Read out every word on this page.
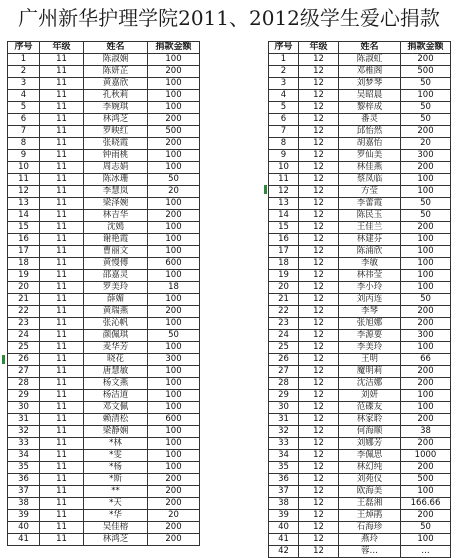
广州新华护理学院2011、2012级学生爱心捐款
序号	年级	姓名	捐款金额
1	11	陈淑娴	100
2	11	陈妍芷	200
3	11	黄嘉欣	100
4	11	孔秋莉	100
5	11	李婉琪	100
6	11	林鸿芝	200
7	11	罗映红	500
8	11	张晓霞	200
9	11	钟雨桃	100
10	11	周志娟	100
11	11	陈冰珊	50
12	11	李慧岚	20
13	11	梁泽婉	100
14	11	林吉华	200
15	11	沈嫣	100
16	11	谢艳霞	100
17	11	曹丽文	100
18	11	黄慢傅	600
19	11	邵嘉灵	100
20	11	罗美玲	18
21	11	薛媚	100
22	11	黄瑞燕	200
23	11	张沁帆	100
24	11	颜佩琪	50
25	11	麦华芳	100
26	11	晓花	300
27	11	唐慧敏	100
28	11	杨文燕	100
29	11	杨洁道	100
30	11	邓文佩	100
31	11	赖清松	600
32	11	梁静娴	100
33	11	*林	100
34	11	*雯	100
35	11	*杨	100
36	11	*斯	200
37	11	**	200
38	11	*天	200
39	11	*华	20
40	11	吴佳榕	200
41	11	林鸿芝	200
序号	年级	姓名	捐款金额
1	12	陈淑虹	200
2	12	邓椎阁	500
3	12	刘梦琴	50
4	12	吴昭晨	100
5	12	黎梓成	50
6	12	番灵	50
7	12	邱怡然	200
8	12	胡嘉怡	20
9	12	罗仙美	300
10	12	林佳燕	200
11	12	蔡凤临	100
12	12	方莹	100
13	12	李蕾霞	50
14	12	陈民玉	50
15	12	王佳兰	200
16	12	林建芬	100
17	12	陈浦欣	100
18	12	李敏	100
19	12	林祎莹	100
20	12	李小玲	100
21	12	刘丙连	50
22	12	李琴	200
23	12	张旭娜	200
24	12	李源要	300
25	12	李美玲	100
26	12	王明	66
27	12	魔明莉	200
28	12	沈洁娜	200
29	12	刘妍	100
30	12	范碟友	100
31	12	林家聆	200
32	12	何海顺	38
33	12	刘娜芳	200
34	12	李佩思	1000
35	12	林幻纯	200
36	12	刘苑仪	500
37	12	欧海美	100
38	12	王磊湘	166.66
39	12	王焯鹃	200
40	12	石海珍	50
41	12	燕玲	100
42	12	蓉…	…
